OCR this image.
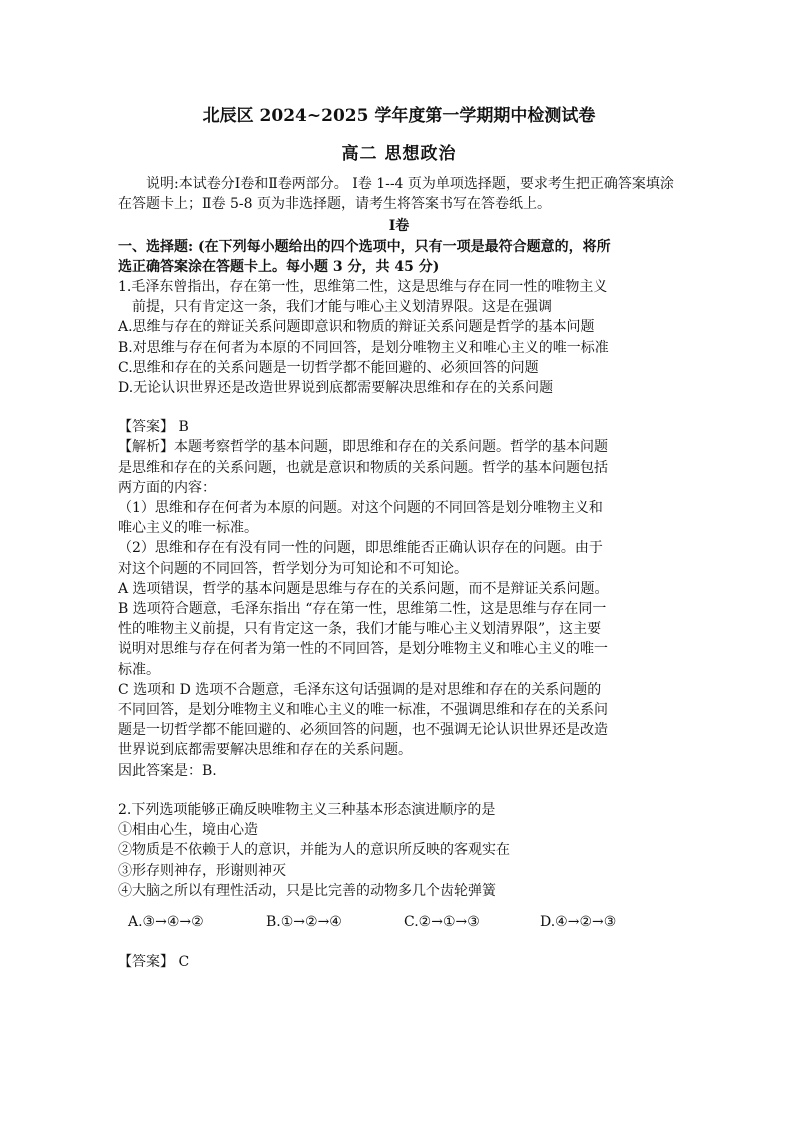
北辰区 2024~2025 学年度第一学期期中检测试卷
高二 思想政治

说明:本试卷分Ⅰ卷和Ⅱ卷两部分。 Ⅰ卷 1--4 页为单项选择题，要求考生把正确答案填涂在答题卡上；Ⅱ卷 5-8 页为非选择题，请考生将答案书写在答卷纸上。

Ⅰ卷

一、选择题: (在下列每小题给出的四个选项中，只有一项是最符合题意的，将所

选正确答案涂在答题卡上。每小题 3 分，共 45 分)

1.毛泽东曾指出，存在第一性，思维第二性，这是思维与存在同一性的唯物主义

前提，只有肯定这一条，我们才能与唯心主义划清界限。这是在强调

A.思维与存在的辩证关系问题即意识和物质的辩证关系问题是哲学的基本问题

B.对思维与存在何者为本原的不同回答，是划分唯物主义和唯心主义的唯一标准

C.思维和存在的关系问题是一切哲学都不能回避的、必须回答的问题

D.无论认识世界还是改造世界说到底都需要解决思维和存在的关系问题

【答案】 B

【解析】本题考察哲学的基本问题，即思维和存在的关系问题。哲学的基本问题

是思维和存在的关系问题，也就是意识和物质的关系问题。哲学的基本问题包括

两方面的内容：

（1）思维和存在何者为本原的问题。对这个问题的不同回答是划分唯物主义和

唯心主义的唯一标准。

（2）思维和存在有没有同一性的问题，即思维能否正确认识存在的问题。由于

对这个问题的不同回答，哲学划分为可知论和不可知论。

A 选项错误，哲学的基本问题是思维与存在的关系问题，而不是辩证关系问题。

B 选项符合题意，毛泽东指出 “存在第一性，思维第二性，这是思维与存在同一

性的唯物主义前提，只有肯定这一条，我们才能与唯心主义划清界限”，这主要

说明对思维与存在何者为第一性的不同回答，是划分唯物主义和唯心主义的唯一

标准。

C 选项和 D 选项不合题意，毛泽东这句话强调的是对思维和存在的关系问题的

不同回答，是划分唯物主义和唯心主义的唯一标准，不强调思维和存在的关系问

题是一切哲学都不能回避的、必须回答的问题，也不强调无论认识世界还是改造

世界说到底都需要解决思维和存在的关系问题。

因此答案是：B.

2.下列选项能够正确反映唯物主义三种基本形态演进顺序的是

①相由心生，境由心造

②物质是不依赖于人的意识，并能为人的意识所反映的客观实在

③形存则神存，形谢则神灭

④大脑之所以有理性活动，只是比完善的动物多几个齿轮弹簧

A.③→④→②	B.①→②→④	C.②→①→③	D.④→②→③

【答案】 C
